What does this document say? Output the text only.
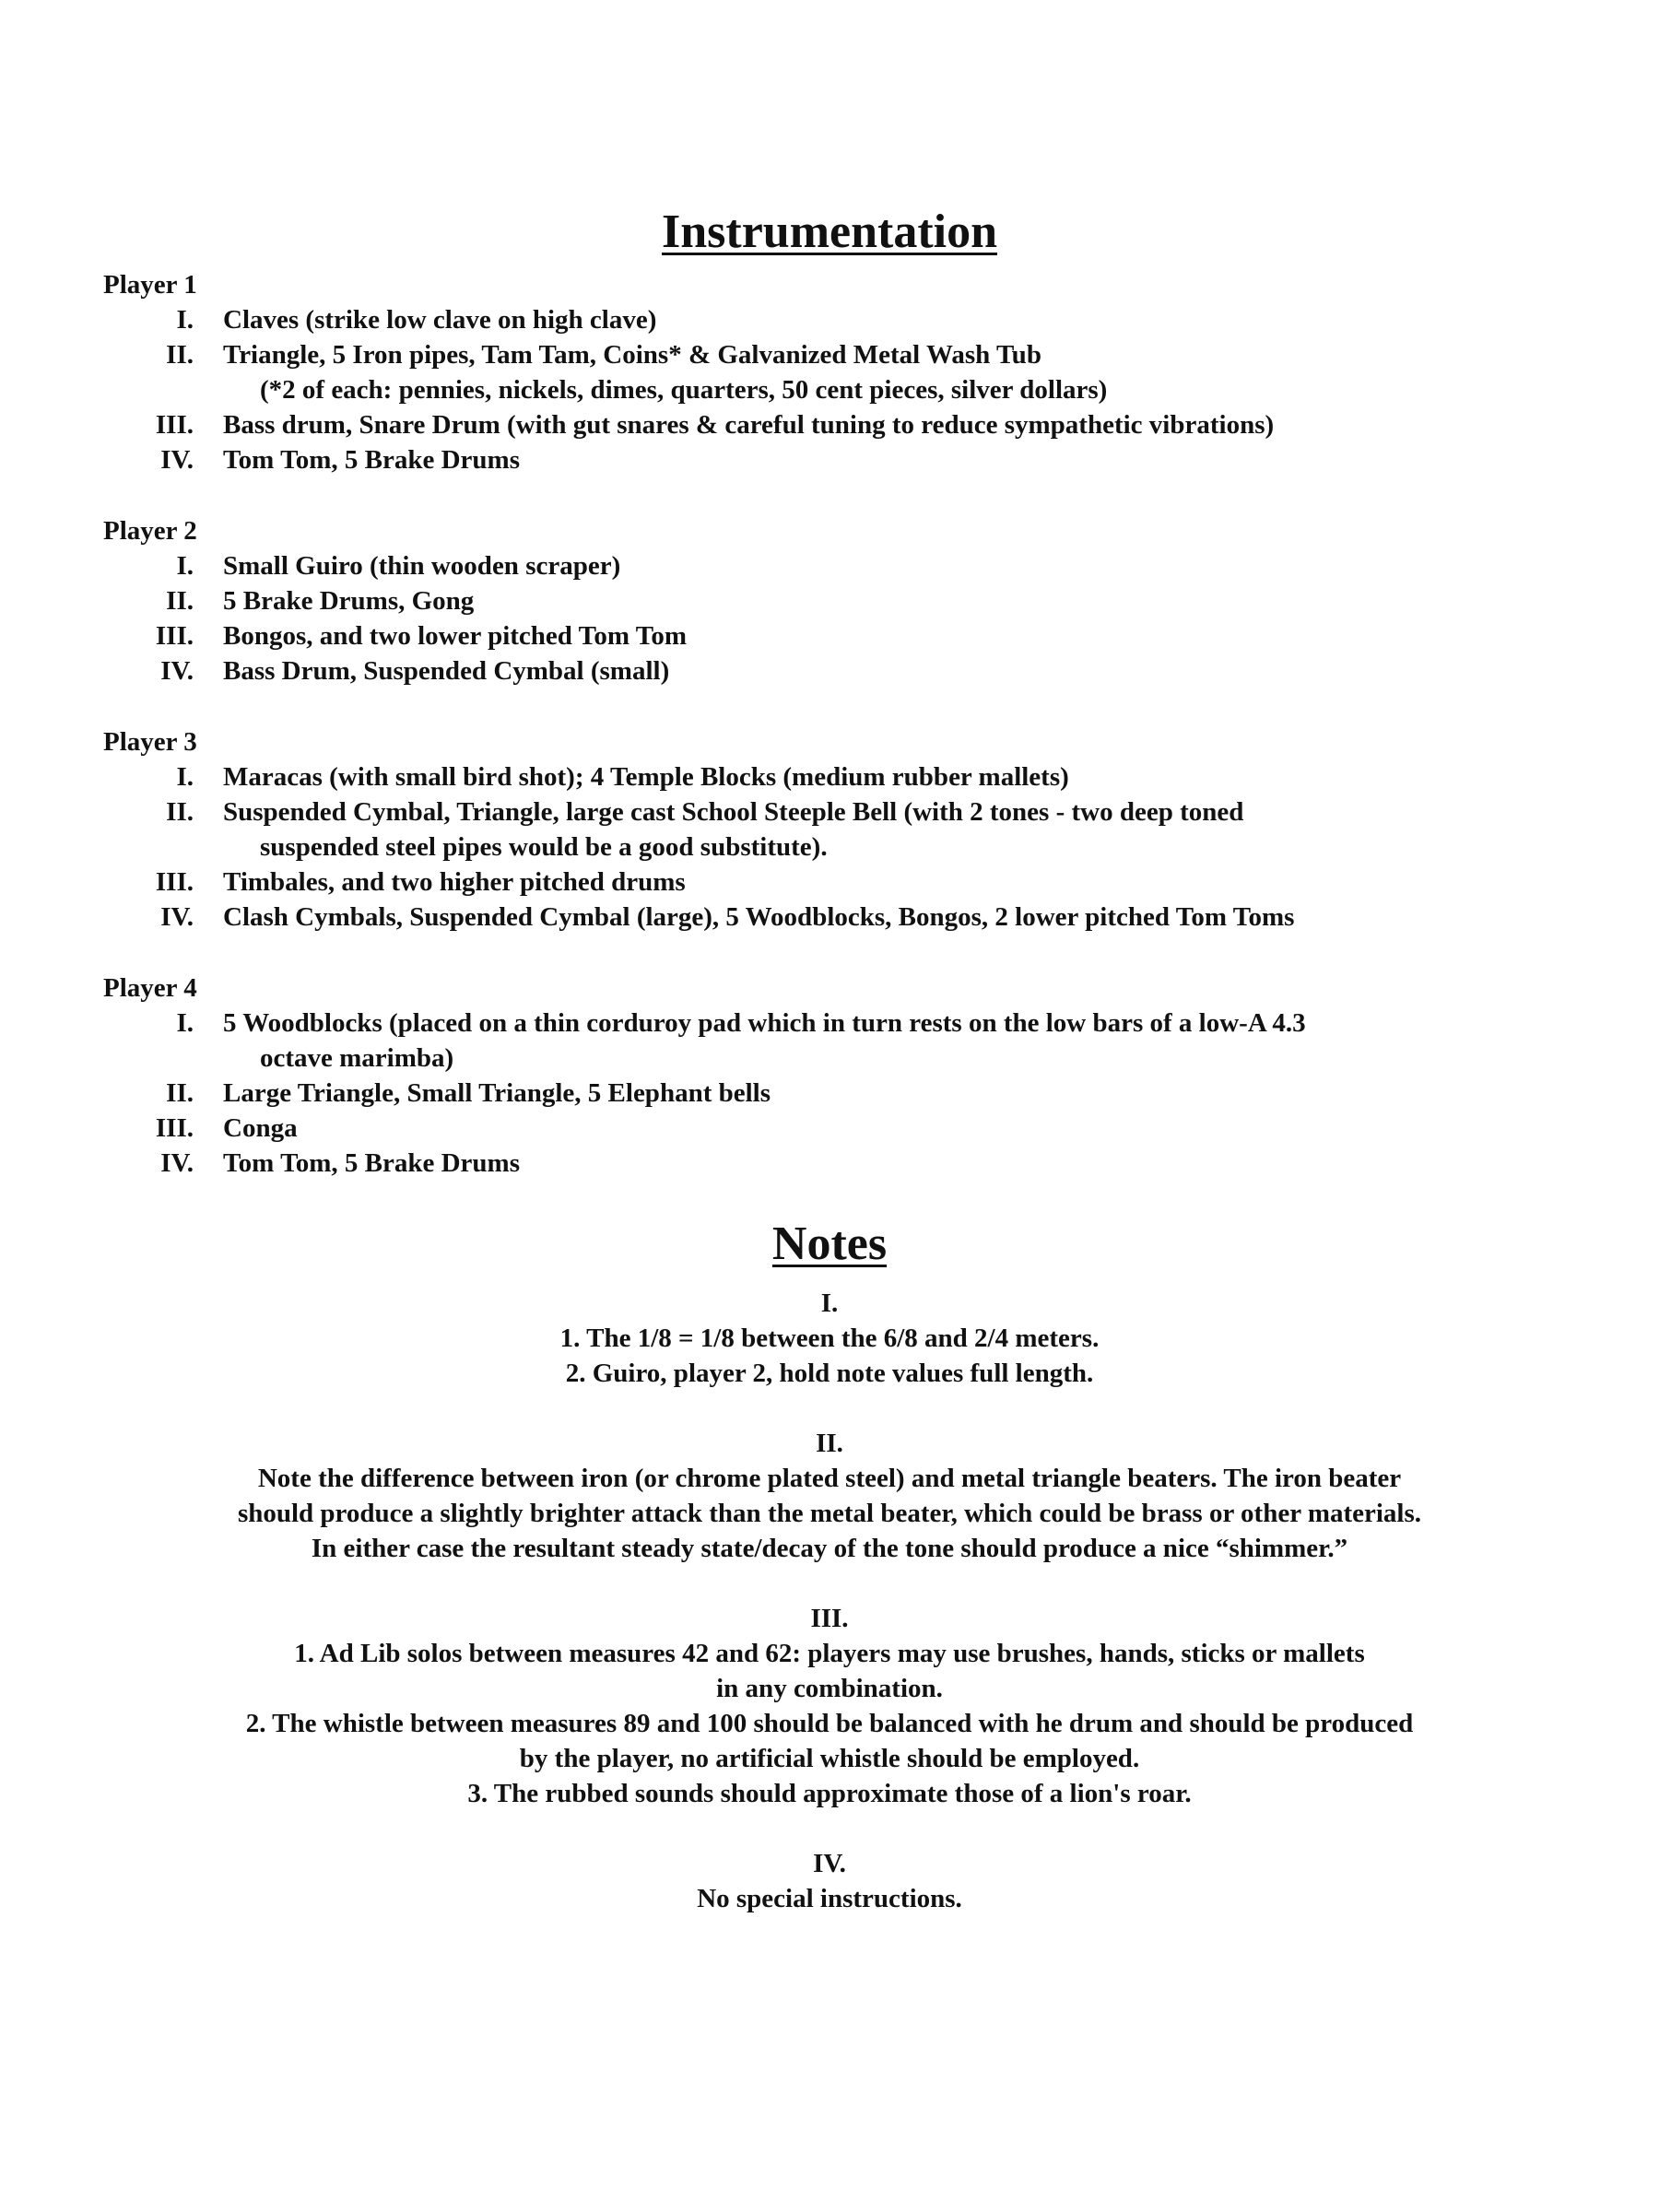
Instrumentation
Player 1
I. Claves (strike low clave on high clave)
II. Triangle, 5 Iron pipes, Tam Tam, Coins* & Galvanized Metal Wash Tub
(*2 of each: pennies, nickels, dimes, quarters, 50 cent pieces, silver dollars)
III. Bass drum, Snare Drum (with gut snares & careful tuning to reduce sympathetic vibrations)
IV. Tom Tom, 5 Brake Drums
Player 2
I. Small Guiro (thin wooden scraper)
II. 5 Brake Drums, Gong
III. Bongos, and two lower pitched Tom Tom
IV. Bass Drum, Suspended Cymbal (small)
Player 3
I. Maracas (with small bird shot); 4 Temple Blocks (medium rubber mallets)
II. Suspended Cymbal, Triangle, large cast School Steeple Bell (with 2 tones - two deep toned
suspended steel pipes would be a good substitute).
III. Timbales, and two higher pitched drums
IV. Clash Cymbals, Suspended Cymbal (large), 5 Woodblocks, Bongos, 2 lower pitched Tom Toms
Player 4
I. 5 Woodblocks (placed on a thin corduroy pad which in turn rests on the low bars of a low-A 4.3
octave marimba)
II. Large Triangle, Small Triangle, 5 Elephant bells
III. Conga
IV. Tom Tom, 5 Brake Drums
Notes
I.
1. The 1/8 = 1/8 between the 6/8 and 2/4 meters.
2. Guiro, player 2, hold note values full length.
II.
Note the difference between iron (or chrome plated steel) and metal triangle beaters. The iron beater
should produce a slightly brighter attack than the metal beater, which could be brass or other materials.
In either case the resultant steady state/decay of the tone should produce a nice “shimmer.”
III.
1. Ad Lib solos between measures 42 and 62: players may use brushes, hands, sticks or mallets
in any combination.
2. The whistle between measures 89 and 100 should be balanced with he drum and should be produced
by the player, no artificial whistle should be employed.
3. The rubbed sounds should approximate those of a lion's roar.
IV.
No special instructions.
